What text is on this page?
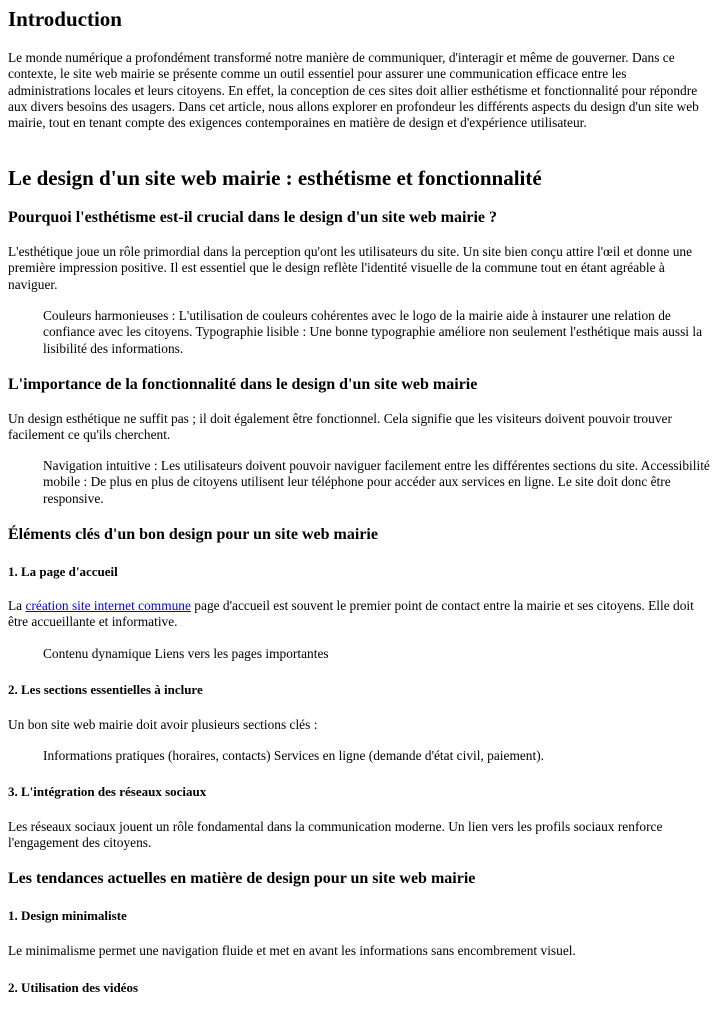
Introduction

Le monde numérique a profondément transformé notre manière de communiquer, d'interagir et même de gouverner. Dans ce contexte, le site web mairie se présente comme un outil essentiel pour assurer une communication efficace entre les administrations locales et leurs citoyens. En effet, la conception de ces sites doit allier esthétisme et fonctionnalité pour répondre aux divers besoins des usagers. Dans cet article, nous allons explorer en profondeur les différents aspects du design d'un site web mairie, tout en tenant compte des exigences contemporaines en matière de design et d'expérience utilisateur.

Le design d'un site web mairie : esthétisme et fonctionnalité
Pourquoi l'esthétisme est-il crucial dans le design d'un site web mairie ?

L'esthétique joue un rôle primordial dans la perception qu'ont les utilisateurs du site. Un site bien conçu attire l'œil et donne une première impression positive. Il est essentiel que le design reflète l'identité visuelle de la commune tout en étant agréable à naviguer.

Couleurs harmonieuses : L'utilisation de couleurs cohérentes avec le logo de la mairie aide à instaurer une relation de confiance avec les citoyens. Typographie lisible : Une bonne typographie améliore non seulement l'esthétique mais aussi la lisibilité des informations.
L'importance de la fonctionnalité dans le design d'un site web mairie

Un design esthétique ne suffit pas ; il doit également être fonctionnel. Cela signifie que les visiteurs doivent pouvoir trouver facilement ce qu'ils cherchent.

Navigation intuitive : Les utilisateurs doivent pouvoir naviguer facilement entre les différentes sections du site. Accessibilité mobile : De plus en plus de citoyens utilisent leur téléphone pour accéder aux services en ligne. Le site doit donc être responsive.
Éléments clés d'un bon design pour un site web mairie
1. La page d'accueil

La création site internet commune page d'accueil est souvent le premier point de contact entre la mairie et ses citoyens. Elle doit être accueillante et informative.

Contenu dynamique Liens vers les pages importantes
2. Les sections essentielles à inclure

Un bon site web mairie doit avoir plusieurs sections clés :

Informations pratiques (horaires, contacts) Services en ligne (demande d'état civil, paiement).
3. L'intégration des réseaux sociaux

Les réseaux sociaux jouent un rôle fondamental dans la communication moderne. Un lien vers les profils sociaux renforce l'engagement des citoyens.

Les tendances actuelles en matière de design pour un site web mairie
1. Design minimaliste

Le minimalisme permet une navigation fluide et met en avant les informations sans encombrement visuel.

2. Utilisation des vidéos
